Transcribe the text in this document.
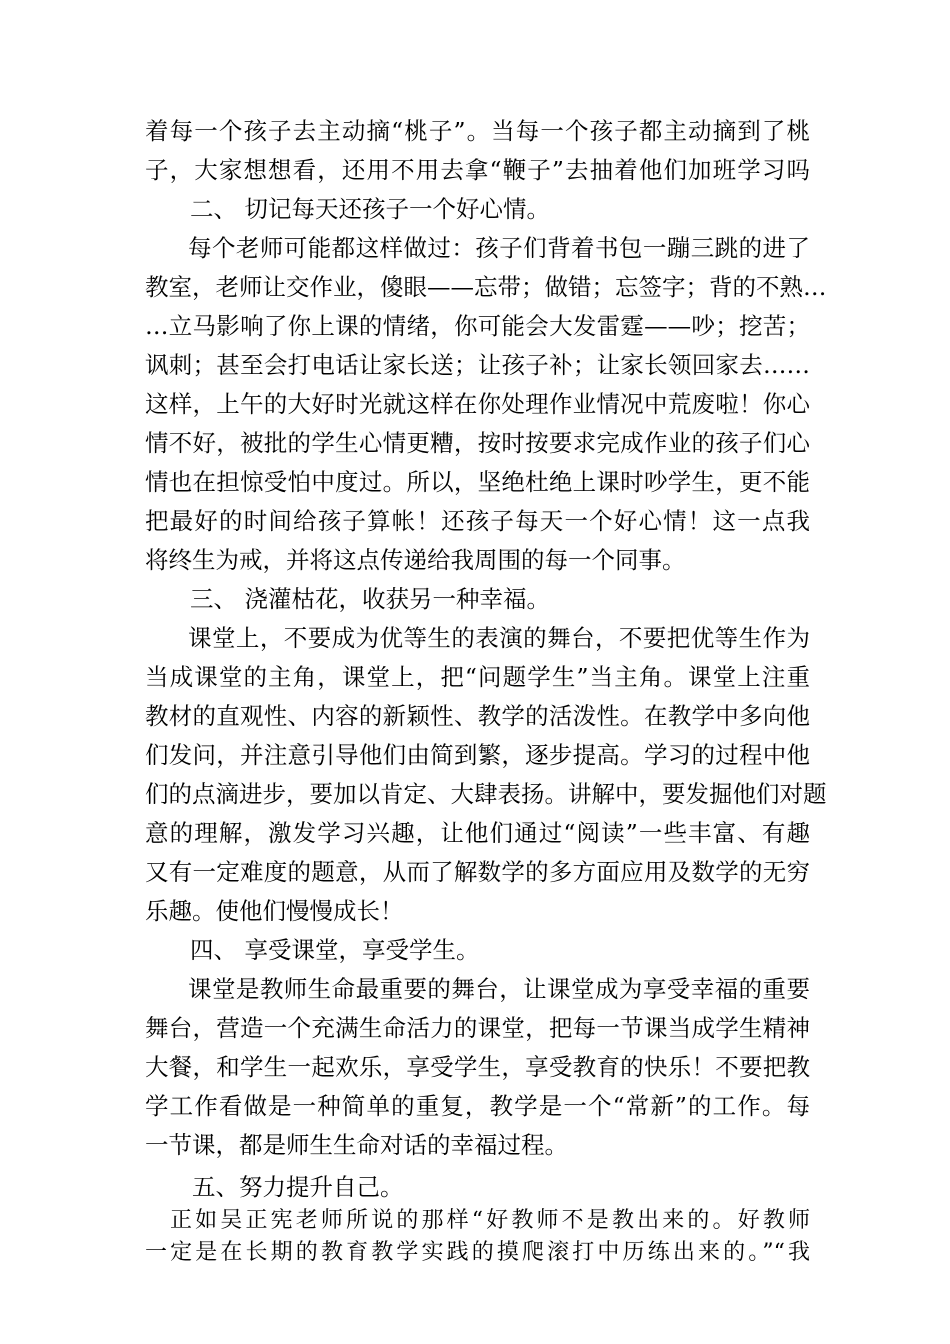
着每一个孩子去主动摘“桃子”。当每一个孩子都主动摘到了桃
子，大家想想看，还用不用去拿“鞭子”去抽着他们加班学习吗
二、 切记每天还孩子一个好心情。
每个老师可能都这样做过：孩子们背着书包一蹦三跳的进了
教室，老师让交作业，傻眼——忘带；做错；忘签字；背的不熟…
…立马影响了你上课的情绪，你可能会大发雷霆——吵；挖苦；
讽刺；甚至会打电话让家长送；让孩子补；让家长领回家去……
这样，上午的大好时光就这样在你处理作业情况中荒废啦！你心
情不好，被批的学生心情更糟，按时按要求完成作业的孩子们心
情也在担惊受怕中度过。所以，坚绝杜绝上课时吵学生，更不能
把最好的时间给孩子算帐！还孩子每天一个好心情！这一点我
将终生为戒，并将这点传递给我周围的每一个同事。
三、 浇灌枯花，收获另一种幸福。
课堂上，不要成为优等生的表演的舞台，不要把优等生作为
当成课堂的主角，课堂上，把“问题学生”当主角。课堂上注重
教材的直观性、内容的新颖性、教学的活泼性。在教学中多向他
们发问，并注意引导他们由简到繁，逐步提高。学习的过程中他
们的点滴进步，要加以肯定、大肆表扬。讲解中，要发掘他们对题
意的理解，激发学习兴趣，让他们通过“阅读”一些丰富、有趣
又有一定难度的题意，从而了解数学的多方面应用及数学的无穷
乐趣。使他们慢慢成长！
四、 享受课堂，享受学生。
课堂是教师生命最重要的舞台，让课堂成为享受幸福的重要
舞台，营造一个充满生命活力的课堂，把每一节课当成学生精神
大餐，和学生一起欢乐，享受学生，享受教育的快乐！不要把教
学工作看做是一种简单的重复，教学是一个“常新”的工作。每
一节课，都是师生生命对话的幸福过程。
五、努力提升自己。
正如吴正宪老师所说的那样“好教师不是教出来的。好教师
一定是在长期的教育教学实践的摸爬滚打中历练出来的。”“我
